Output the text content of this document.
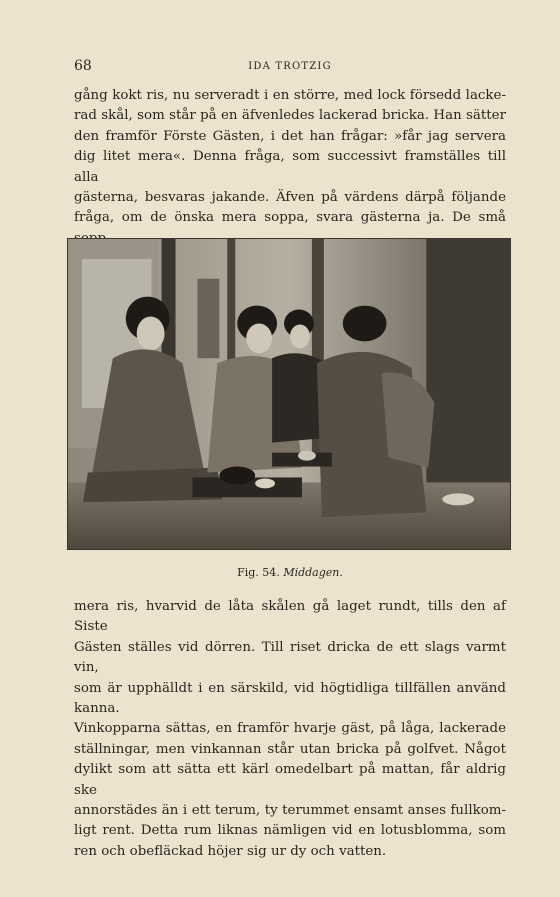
68	IDA TROTZIG

gång kokt ris, nu serveradt i en större, med lock försedd lacke-
rad skål, som står på en äfvenledes lackerad bricka. Han sätter
den framför Förste Gästen, i det han frågar: »får jag servera
dig litet mera«. Denna fråga, som successivt framställes till alla
gästerna, besvaras jakande. Äfven på värdens därpå följande
fråga, om de önska mera soppa, svara gästerna ja. De små

Fig. 54. Middagen.

mera ris, hvarvid de låta skålen gå laget rundt, tills den af Siste
Gästen ställes vid dörren. Till riset dricka de ett slags varmt vin,
som är upphälldt i en särskild, vid högtidliga tillfällen använd kanna.
Vinkopparna sättas, en framför hvarje gäst, på låga, lackerade
ställningar, men vinkannan står utan bricka på golfvet. Något
dylikt som att sätta ett kärl omedelbart på mattan, får aldrig ske
annorstädes än i ett terum, ty terummet ensamt anses fullkom-
ligt rent. Detta rum liknas nämligen vid en lotusblomma, som
ren och obefläckad höjer sig ur dy och vatten.
